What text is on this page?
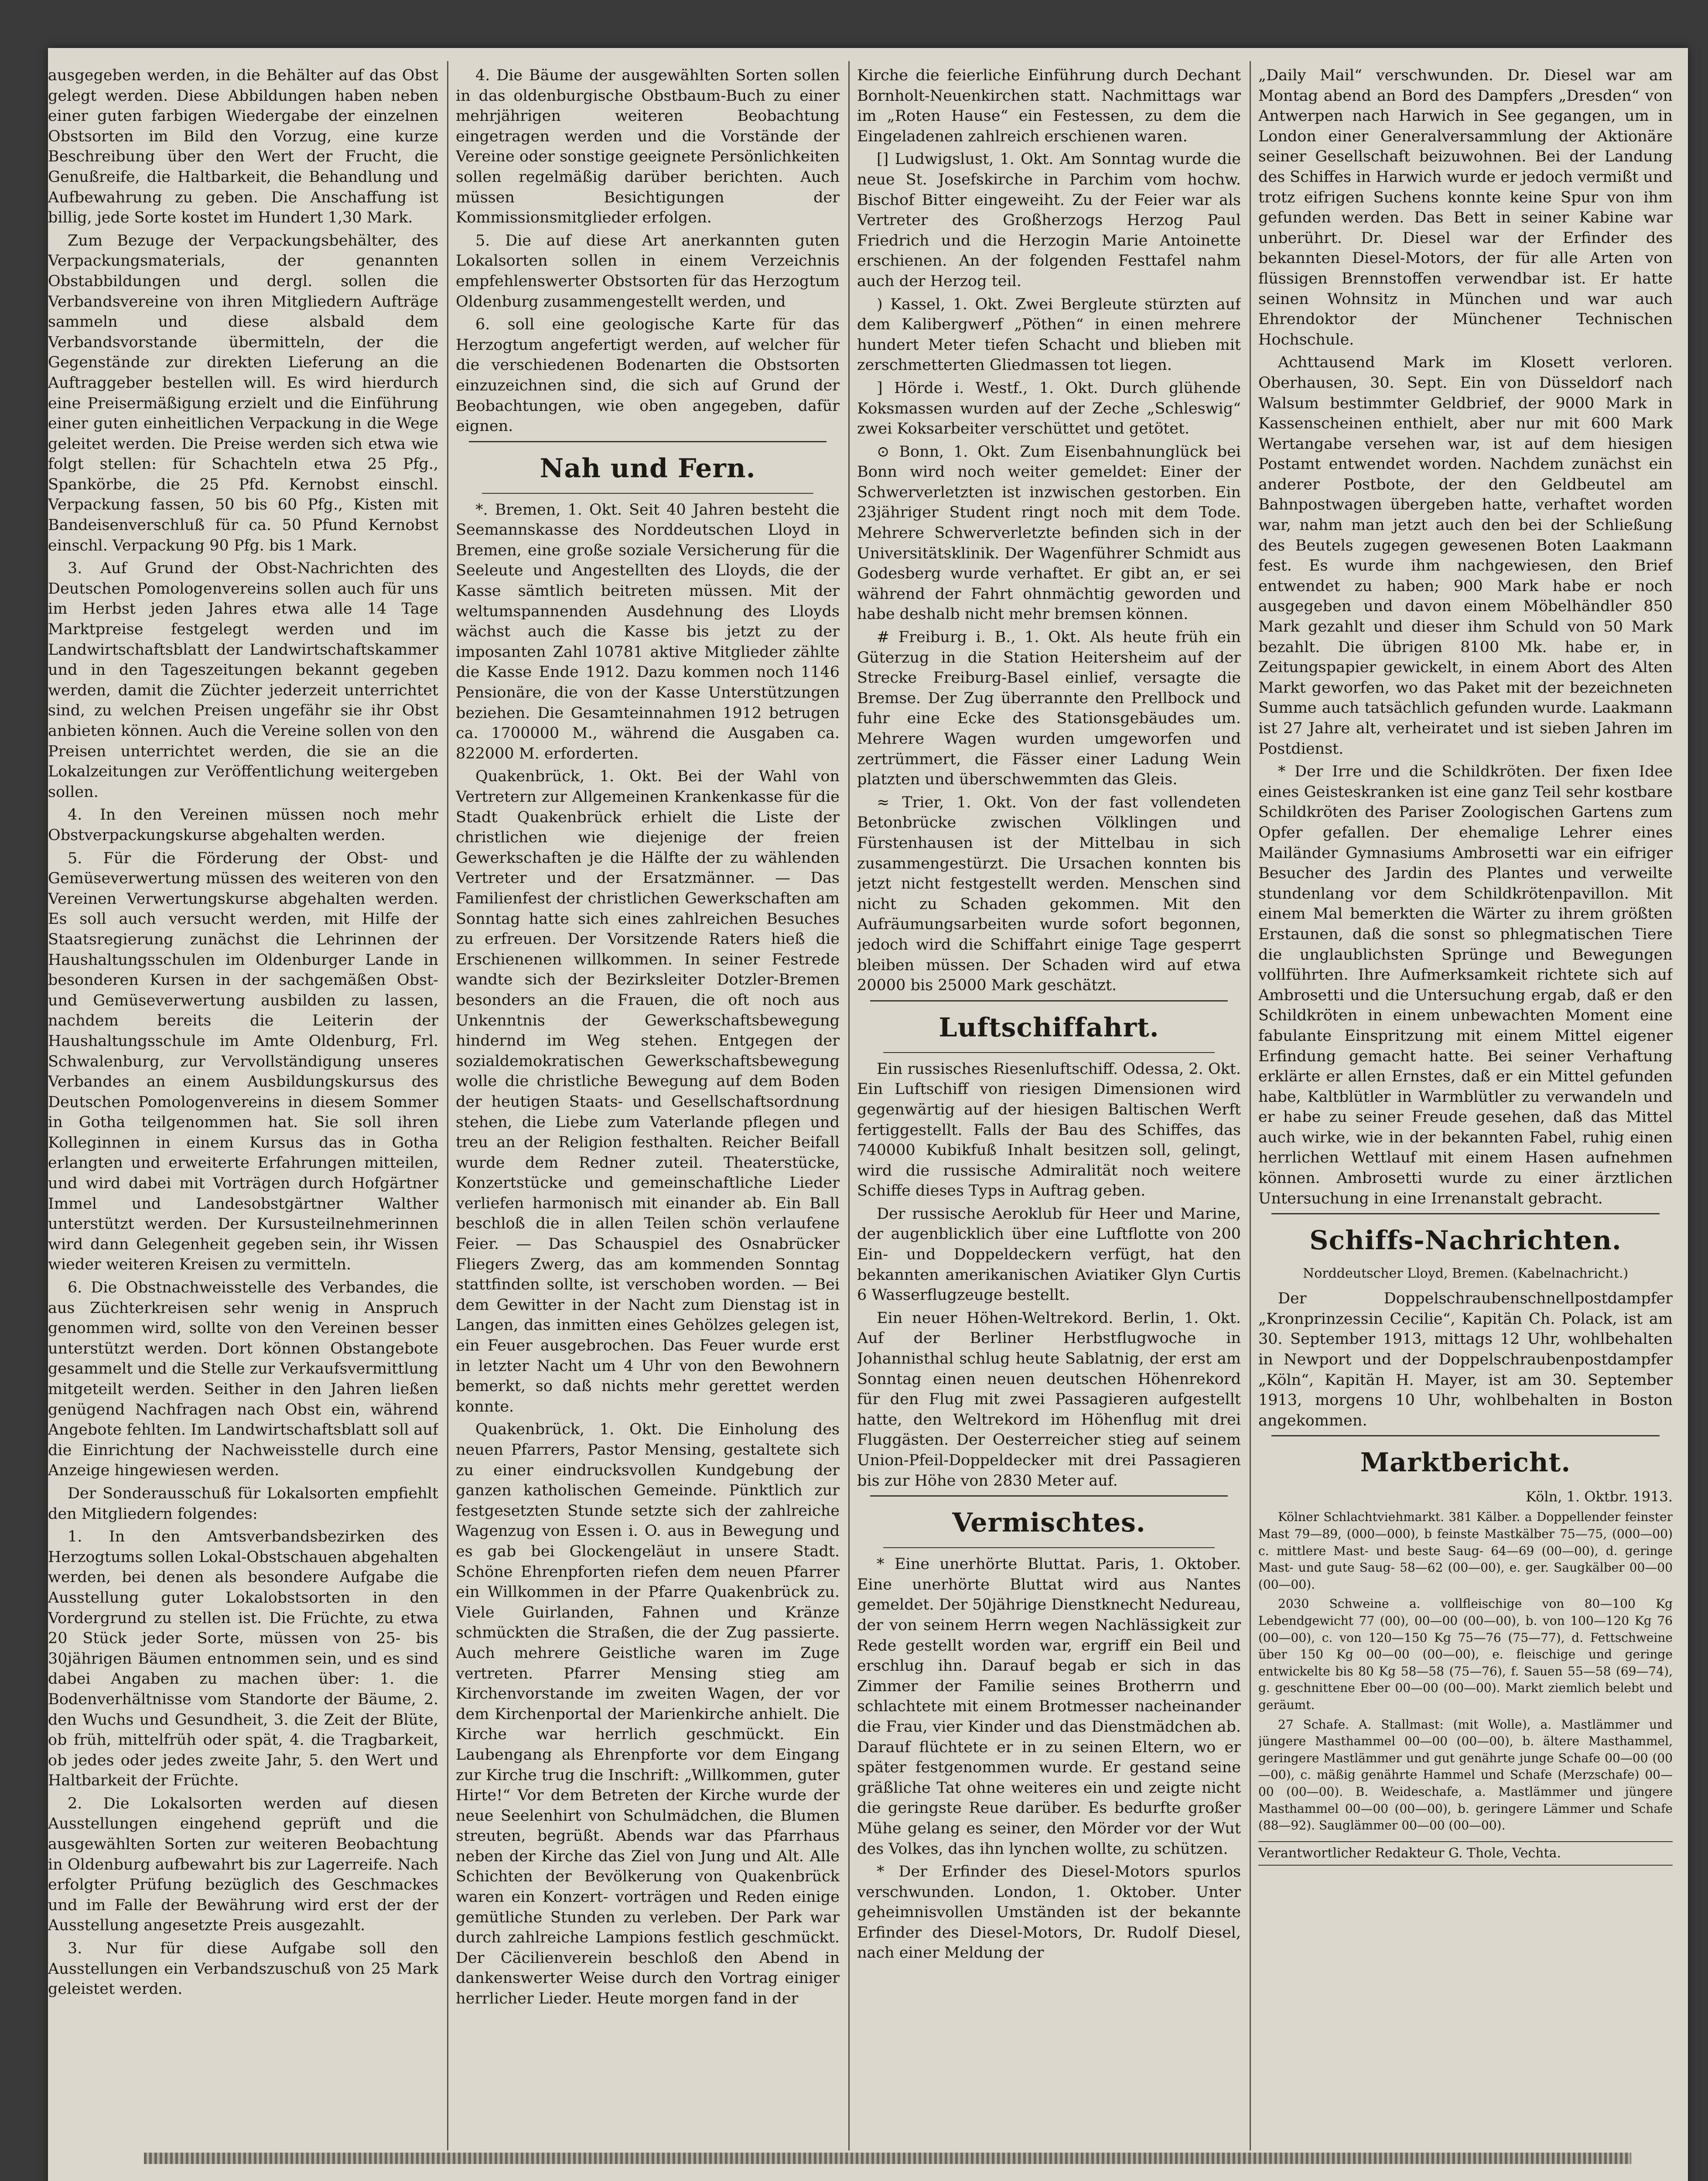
ausgegeben werden, in die Behälter auf das Obst gelegt werden. Diese Abbildungen haben neben einer guten farbigen Wiedergabe der einzelnen Obstsorten im Bild den Vorzug, eine kurze Beschreibung über den Wert der Frucht, die Genußreife, die Haltbarkeit, die Behandlung und Aufbewahrung zu geben. Die Anschaffung ist billig, jede Sorte kostet im Hundert 1,30 Mark.

Zum Bezuge der Verpackungsbehälter, des Verpackungsmaterials, der genannten Obstabbildungen und dergl. sollen die Verbandsvereine von ihren Mitgliedern Aufträge sammeln und diese alsbald dem Verbandsvorstande übermitteln, der die Gegenstände zur direkten Lieferung an die Auftraggeber bestellen will. Es wird hierdurch eine Preisermäßigung erzielt und die Einführung einer guten einheitlichen Verpackung in die Wege geleitet werden. Die Preise werden sich etwa wie folgt stellen: für Schachteln etwa 25 Pfg., Spankörbe, die 25 Pfd. Kernobst einschl. Verpackung fassen, 50 bis 60 Pfg., Kisten mit Bandeisenverschluß für ca. 50 Pfund Kernobst einschl. Verpackung 90 Pfg. bis 1 Mark.

3. Auf Grund der Obst-Nachrichten des Deutschen Pomologenvereins sollen auch für uns im Herbst jeden Jahres etwa alle 14 Tage Marktpreise festgelegt werden und im Landwirtschaftsblatt der Landwirtschaftskammer und in den Tageszeitungen bekannt gegeben werden, damit die Züchter jederzeit unterrichtet sind, zu welchen Preisen ungefähr sie ihr Obst anbieten können. Auch die Vereine sollen von den Preisen unterrichtet werden, die sie an die Lokalzeitungen zur Veröffentlichung weitergeben sollen.

4. In den Vereinen müssen noch mehr Obstverpackungskurse abgehalten werden.

5. Für die Förderung der Obst- und Gemüseverwertung müssen des weiteren von den Vereinen Verwertungskurse abgehalten werden. Es soll auch versucht werden, mit Hilfe der Staatsregierung zunächst die Lehrinnen der Haushaltungsschulen im Oldenburger Lande in besonderen Kursen in der sachgemäßen Obst- und Gemüseverwertung ausbilden zu lassen, nachdem bereits die Leiterin der Haushaltungsschule im Amte Oldenburg, Frl. Schwalenburg, zur Vervollständigung unseres Verbandes an einem Ausbildungskursus des Deutschen Pomologenvereins in diesem Sommer in Gotha teilgenommen hat. Sie soll ihren Kolleginnen in einem Kursus das in Gotha erlangten und erweiterte Erfahrungen mitteilen, und wird dabei mit Vorträgen durch Hofgärtner Immel und Landesobstgärtner Walther unterstützt werden. Der Kursusteilnehmerinnen wird dann Gelegenheit gegeben sein, ihr Wissen wieder weiteren Kreisen zu vermitteln.

6. Die Obstnachweisstelle des Verbandes, die aus Züchterkreisen sehr wenig in Anspruch genommen wird, sollte von den Vereinen besser unterstützt werden. Dort können Obstangebote gesammelt und die Stelle zur Verkaufsvermittlung mitgeteilt werden. Seither in den Jahren ließen genügend Nachfragen nach Obst ein, während Angebote fehlten. Im Landwirtschaftsblatt soll auf die Einrichtung der Nachweisstelle durch eine Anzeige hingewiesen werden.

Der Sonderausschuß für Lokalsorten empfiehlt den Mitgliedern folgendes:

1. In den Amtsverbandsbezirken des Herzogtums sollen Lokal-Obstschauen abgehalten werden, bei denen als besondere Aufgabe die Ausstellung guter Lokalobstsorten in den Vordergrund zu stellen ist. Die Früchte, zu etwa 20 Stück jeder Sorte, müssen von 25- bis 30jährigen Bäumen entnommen sein, und es sind dabei Angaben zu machen über: 1. die Bodenverhältnisse vom Standorte der Bäume, 2. den Wuchs und Gesundheit, 3. die Zeit der Blüte, ob früh, mittelfrüh oder spät, 4. die Tragbarkeit, ob jedes oder jedes zweite Jahr, 5. den Wert und Haltbarkeit der Früchte.

2. Die Lokalsorten werden auf diesen Ausstellungen eingehend geprüft und die ausgewählten Sorten zur weiteren Beobachtung in Oldenburg aufbewahrt bis zur Lagerreife. Nach erfolgter Prüfung bezüglich des Geschmackes und im Falle der Bewährung wird erst der der Ausstellung angesetzte Preis ausgezahlt.

3. Nur für diese Aufgabe soll den Ausstellungen ein Verbandszuschuß von 25 Mark geleistet werden.

4. Die Bäume der ausgewählten Sorten sollen in das oldenburgische Obstbaum-Buch zu einer mehrjährigen weiteren Beobachtung eingetragen werden und die Vorstände der Vereine oder sonstige geeignete Persönlichkeiten sollen regelmäßig darüber berichten. Auch müssen Besichtigungen der Kommissionsmitglieder erfolgen.

5. Die auf diese Art anerkannten guten Lokalsorten sollen in einem Verzeichnis empfehlenswerter Obstsorten für das Herzogtum Oldenburg zusammengestellt werden, und

6. soll eine geologische Karte für das Herzogtum angefertigt werden, auf welcher für die verschiedenen Bodenarten die Obstsorten einzuzeichnen sind, die sich auf Grund der Beobachtungen, wie oben angegeben, dafür eignen.

Nah und Fern.

*. Bremen, 1. Okt. Seit 40 Jahren besteht die Seemannskasse des Norddeutschen Lloyd in Bremen, eine große soziale Versicherung für die Seeleute und Angestellten des Lloyds, die der Kasse sämtlich beitreten müssen. Mit der weltumspannenden Ausdehnung des Lloyds wächst auch die Kasse bis jetzt zu der imposanten Zahl 10781 aktive Mitglieder zählte die Kasse Ende 1912. Dazu kommen noch 1146 Pensionäre, die von der Kasse Unterstützungen beziehen. Die Gesamteinnahmen 1912 betrugen ca. 1700000 M., während die Ausgaben ca. 822000 M. erforderten.

Quakenbrück, 1. Okt. Bei der Wahl von Vertretern zur Allgemeinen Krankenkasse für die Stadt Quakenbrück erhielt die Liste der christlichen wie diejenige der freien Gewerkschaften je die Hälfte der zu wählenden Vertreter und der Ersatzmänner. — Das Familienfest der christlichen Gewerkschaften am Sonntag hatte sich eines zahlreichen Besuches zu erfreuen. Der Vorsitzende Raters hieß die Erschienenen willkommen. In seiner Festrede wandte sich der Bezirksleiter Dotzler-Bremen besonders an die Frauen, die oft noch aus Unkenntnis der Gewerkschaftsbewegung hindernd im Weg stehen. Entgegen der sozialdemokratischen Gewerkschaftsbewegung wolle die christliche Bewegung auf dem Boden der heutigen Staats- und Gesellschaftsordnung stehen, die Liebe zum Vaterlande pflegen und treu an der Religion festhalten. Reicher Beifall wurde dem Redner zuteil. Theaterstücke, Konzertstücke und gemeinschaftliche Lieder verliefen harmonisch mit einander ab. Ein Ball beschloß die in allen Teilen schön verlaufene Feier. — Das Schauspiel des Osnabrücker Fliegers Zwerg, das am kommenden Sonntag stattfinden sollte, ist verschoben worden. — Bei dem Gewitter in der Nacht zum Dienstag ist in Langen, das inmitten eines Gehölzes gelegen ist, ein Feuer ausgebrochen. Das Feuer wurde erst in letzter Nacht um 4 Uhr von den Bewohnern bemerkt, so daß nichts mehr gerettet werden konnte.

Quakenbrück, 1. Okt. Die Einholung des neuen Pfarrers, Pastor Mensing, gestaltete sich zu einer eindrucksvollen Kundgebung der ganzen katholischen Gemeinde. Pünktlich zur festgesetzten Stunde setzte sich der zahlreiche Wagenzug von Essen i. O. aus in Bewegung und es gab bei Glockengeläut in unsere Stadt. Schöne Ehrenpforten riefen dem neuen Pfarrer ein Willkommen in der Pfarre Quakenbrück zu. Viele Guirlanden, Fahnen und Kränze schmückten die Straßen, die der Zug passierte. Auch mehrere Geistliche waren im Zuge vertreten. Pfarrer Mensing stieg am Kirchenvorstande im zweiten Wagen, der vor dem Kirchenportal der Marienkirche anhielt. Die Kirche war herrlich geschmückt. Ein Laubengang als Ehrenpforte vor dem Eingang zur Kirche trug die Inschrift: „Willkommen, guter Hirte!“ Vor dem Betreten der Kirche wurde der neue Seelenhirt von Schulmädchen, die Blumen streuten, begrüßt. Abends war das Pfarrhaus neben der Kirche das Ziel von Jung und Alt. Alle Schichten der Bevölkerung von Quakenbrück waren ein Konzert- vorträgen und Reden einige gemütliche Stunden zu verleben. Der Park war durch zahlreiche Lampions festlich geschmückt. Der Cäcilienverein beschloß den Abend in dankenswerter Weise durch den Vortrag einiger herrlicher Lieder. Heute morgen fand in der

Kirche die feierliche Einführung durch Dechant Bornholt-Neuenkirchen statt. Nachmittags war im „Roten Hause“ ein Festessen, zu dem die Eingeladenen zahlreich erschienen waren.

[] Ludwigslust, 1. Okt. Am Sonntag wurde die neue St. Josefskirche in Parchim vom hochw. Bischof Bitter eingeweiht. Zu der Feier war als Vertreter des Großherzogs Herzog Paul Friedrich und die Herzogin Marie Antoinette erschienen. An der folgenden Festtafel nahm auch der Herzog teil.

) Kassel, 1. Okt. Zwei Bergleute stürzten auf dem Kalibergwerf „Pöthen“ in einen mehrere hundert Meter tiefen Schacht und blieben mit zerschmetterten Gliedmassen tot liegen.

] Hörde i. Westf., 1. Okt. Durch glühende Koksmassen wurden auf der Zeche „Schleswig“ zwei Koksarbeiter verschüttet und getötet.

⊙ Bonn, 1. Okt. Zum Eisenbahnunglück bei Bonn wird noch weiter gemeldet: Einer der Schwerverletzten ist inzwischen gestorben. Ein 23jähriger Student ringt noch mit dem Tode. Mehrere Schwerverletzte befinden sich in der Universitätsklinik. Der Wagenführer Schmidt aus Godesberg wurde verhaftet. Er gibt an, er sei während der Fahrt ohnmächtig geworden und habe deshalb nicht mehr bremsen können.

# Freiburg i. B., 1. Okt. Als heute früh ein Güterzug in die Station Heitersheim auf der Strecke Freiburg-Basel einlief, versagte die Bremse. Der Zug überrannte den Prellbock und fuhr eine Ecke des Stationsgebäudes um. Mehrere Wagen wurden umgeworfen und zertrümmert, die Fässer einer Ladung Wein platzten und überschwemmten das Gleis.

≈ Trier, 1. Okt. Von der fast vollendeten Betonbrücke zwischen Völklingen und Fürstenhausen ist der Mittelbau in sich zusammengestürzt. Die Ursachen konnten bis jetzt nicht festgestellt werden. Menschen sind nicht zu Schaden gekommen. Mit den Aufräumungsarbeiten wurde sofort begonnen, jedoch wird die Schiffahrt einige Tage gesperrt bleiben müssen. Der Schaden wird auf etwa 20000 bis 25000 Mark geschätzt.

Luftschiffahrt.

Ein russisches Riesenluftschiff. Odessa, 2. Okt. Ein Luftschiff von riesigen Dimensionen wird gegenwärtig auf der hiesigen Baltischen Werft fertiggestellt. Falls der Bau des Schiffes, das 740000 Kubikfuß Inhalt besitzen soll, gelingt, wird die russische Admiralität noch weitere Schiffe dieses Typs in Auftrag geben.

Der russische Aeroklub für Heer und Marine, der augenblicklich über eine Luftflotte von 200 Ein- und Doppeldeckern verfügt, hat den bekannten amerikanischen Aviatiker Glyn Curtis 6 Wasserflugzeuge bestellt.

Ein neuer Höhen-Weltrekord. Berlin, 1. Okt. Auf der Berliner Herbstflugwoche in Johannisthal schlug heute Sablatnig, der erst am Sonntag einen neuen deutschen Höhenrekord für den Flug mit zwei Passagieren aufgestellt hatte, den Weltrekord im Höhenflug mit drei Fluggästen. Der Oesterreicher stieg auf seinem Union-Pfeil-Doppeldecker mit drei Passagieren bis zur Höhe von 2830 Meter auf.

Vermischtes.

* Eine unerhörte Bluttat. Paris, 1. Oktober. Eine unerhörte Bluttat wird aus Nantes gemeldet. Der 50jährige Dienstknecht Nedureau, der von seinem Herrn wegen Nachlässigkeit zur Rede gestellt worden war, ergriff ein Beil und erschlug ihn. Darauf begab er sich in das Zimmer der Familie seines Brotherrn und schlachtete mit einem Brotmesser nacheinander die Frau, vier Kinder und das Dienstmädchen ab. Darauf flüchtete er in zu seinen Eltern, wo er später festgenommen wurde. Er gestand seine gräßliche Tat ohne weiteres ein und zeigte nicht die geringste Reue darüber. Es bedurfte großer Mühe gelang es seiner, den Mörder vor der Wut des Volkes, das ihn lynchen wollte, zu schützen.

* Der Erfinder des Diesel-Motors spurlos verschwunden. London, 1. Oktober. Unter geheimnisvollen Umständen ist der bekannte Erfinder des Diesel-Motors, Dr. Rudolf Diesel, nach einer Meldung der

„Daily Mail“ verschwunden. Dr. Diesel war am Montag abend an Bord des Dampfers „Dresden“ von Antwerpen nach Harwich in See gegangen, um in London einer Generalversammlung der Aktionäre seiner Gesellschaft beizuwohnen. Bei der Landung des Schiffes in Harwich wurde er jedoch vermißt und trotz eifrigen Suchens konnte keine Spur von ihm gefunden werden. Das Bett in seiner Kabine war unberührt. Dr. Diesel war der Erfinder des bekannten Diesel-Motors, der für alle Arten von flüssigen Brennstoffen verwendbar ist. Er hatte seinen Wohnsitz in München und war auch Ehrendoktor der Münchener Technischen Hochschule.

Achttausend Mark im Klosett verloren. Oberhausen, 30. Sept. Ein von Düsseldorf nach Walsum bestimmter Geldbrief, der 9000 Mark in Kassenscheinen enthielt, aber nur mit 600 Mark Wertangabe versehen war, ist auf dem hiesigen Postamt entwendet worden. Nachdem zunächst ein anderer Postbote, der den Geldbeutel am Bahnpostwagen übergeben hatte, verhaftet worden war, nahm man jetzt auch den bei der Schließung des Beutels zugegen gewesenen Boten Laakmann fest. Es wurde ihm nachgewiesen, den Brief entwendet zu haben; 900 Mark habe er noch ausgegeben und davon einem Möbelhändler 850 Mark gezahlt und dieser ihm Schuld von 50 Mark bezahlt. Die übrigen 8100 Mk. habe er, in Zeitungspapier gewickelt, in einem Abort des Alten Markt geworfen, wo das Paket mit der bezeichneten Summe auch tatsächlich gefunden wurde. Laakmann ist 27 Jahre alt, verheiratet und ist sieben Jahren im Postdienst.

* Der Irre und die Schildkröten. Der fixen Idee eines Geisteskranken ist eine ganz Teil sehr kostbare Schildkröten des Pariser Zoologischen Gartens zum Opfer gefallen. Der ehemalige Lehrer eines Mailänder Gymnasiums Ambrosetti war ein eifriger Besucher des Jardin des Plantes und verweilte stundenlang vor dem Schildkrötenpavillon. Mit einem Mal bemerkten die Wärter zu ihrem größten Erstaunen, daß die sonst so phlegmatischen Tiere die unglaublichsten Sprünge und Bewegungen vollführten. Ihre Aufmerksamkeit richtete sich auf Ambrosetti und die Untersuchung ergab, daß er den Schildkröten in einem unbewachten Moment eine fabulante Einspritzung mit einem Mittel eigener Erfindung gemacht hatte. Bei seiner Verhaftung erklärte er allen Ernstes, daß er ein Mittel gefunden habe, Kaltblütler in Warmblütler zu verwandeln und er habe zu seiner Freude gesehen, daß das Mittel auch wirke, wie in der bekannten Fabel, ruhig einen herrlichen Wettlauf mit einem Hasen aufnehmen können. Ambrosetti wurde zu einer ärztlichen Untersuchung in eine Irrenanstalt gebracht.

Schiffs-Nachrichten.
Norddeutscher Lloyd, Bremen. (Kabelnachricht.)

Der Doppelschraubenschnellpostdampfer „Kronprinzessin Cecilie“, Kapitän Ch. Polack, ist am 30. September 1913, mittags 12 Uhr, wohlbehalten in Newport und der Doppelschraubenpostdampfer „Köln“, Kapitän H. Mayer, ist am 30. September 1913, morgens 10 Uhr, wohlbehalten in Boston angekommen.

Marktbericht.
Köln, 1. Oktbr. 1913.

Kölner Schlachtviehmarkt. 381 Kälber. a Doppellender feinster Mast 79—89, (000—000), b feinste Mastkälber 75—75, (000—00) c. mittlere Mast- und beste Saug- 64—69 (00—00), d. geringe Mast- und gute Saug- 58—62 (00—00), e. ger. Saugkälber 00—00 (00—00).

2030 Schweine a. vollfleischige von 80—100 Kg Lebendgewicht 77 (00), 00—00 (00—00), b. von 100—120 Kg 76 (00—00), c. von 120—150 Kg 75—76 (75—77), d. Fettschweine über 150 Kg 00—00 (00—00), e. fleischige und geringe entwickelte bis 80 Kg 58—58 (75—76), f. Sauen 55—58 (69—74), g. geschnittene Eber 00—00 (00—00). Markt ziemlich belebt und geräumt.

27 Schafe. A. Stallmast: (mit Wolle), a. Mastlämmer und jüngere Masthammel 00—00 (00—00), b. ältere Masthammel, geringere Mastlämmer und gut genährte junge Schafe 00—00 (00—00), c. mäßig genährte Hammel und Schafe (Merzschafe) 00—00 (00—00). B. Weideschafe, a. Mastlämmer und jüngere Masthammel 00—00 (00—00), b. geringere Lämmer und Schafe (88—92). Sauglämmer 00—00 (00—00).

Verantwortlicher Redakteur G. Thole, Vechta.
